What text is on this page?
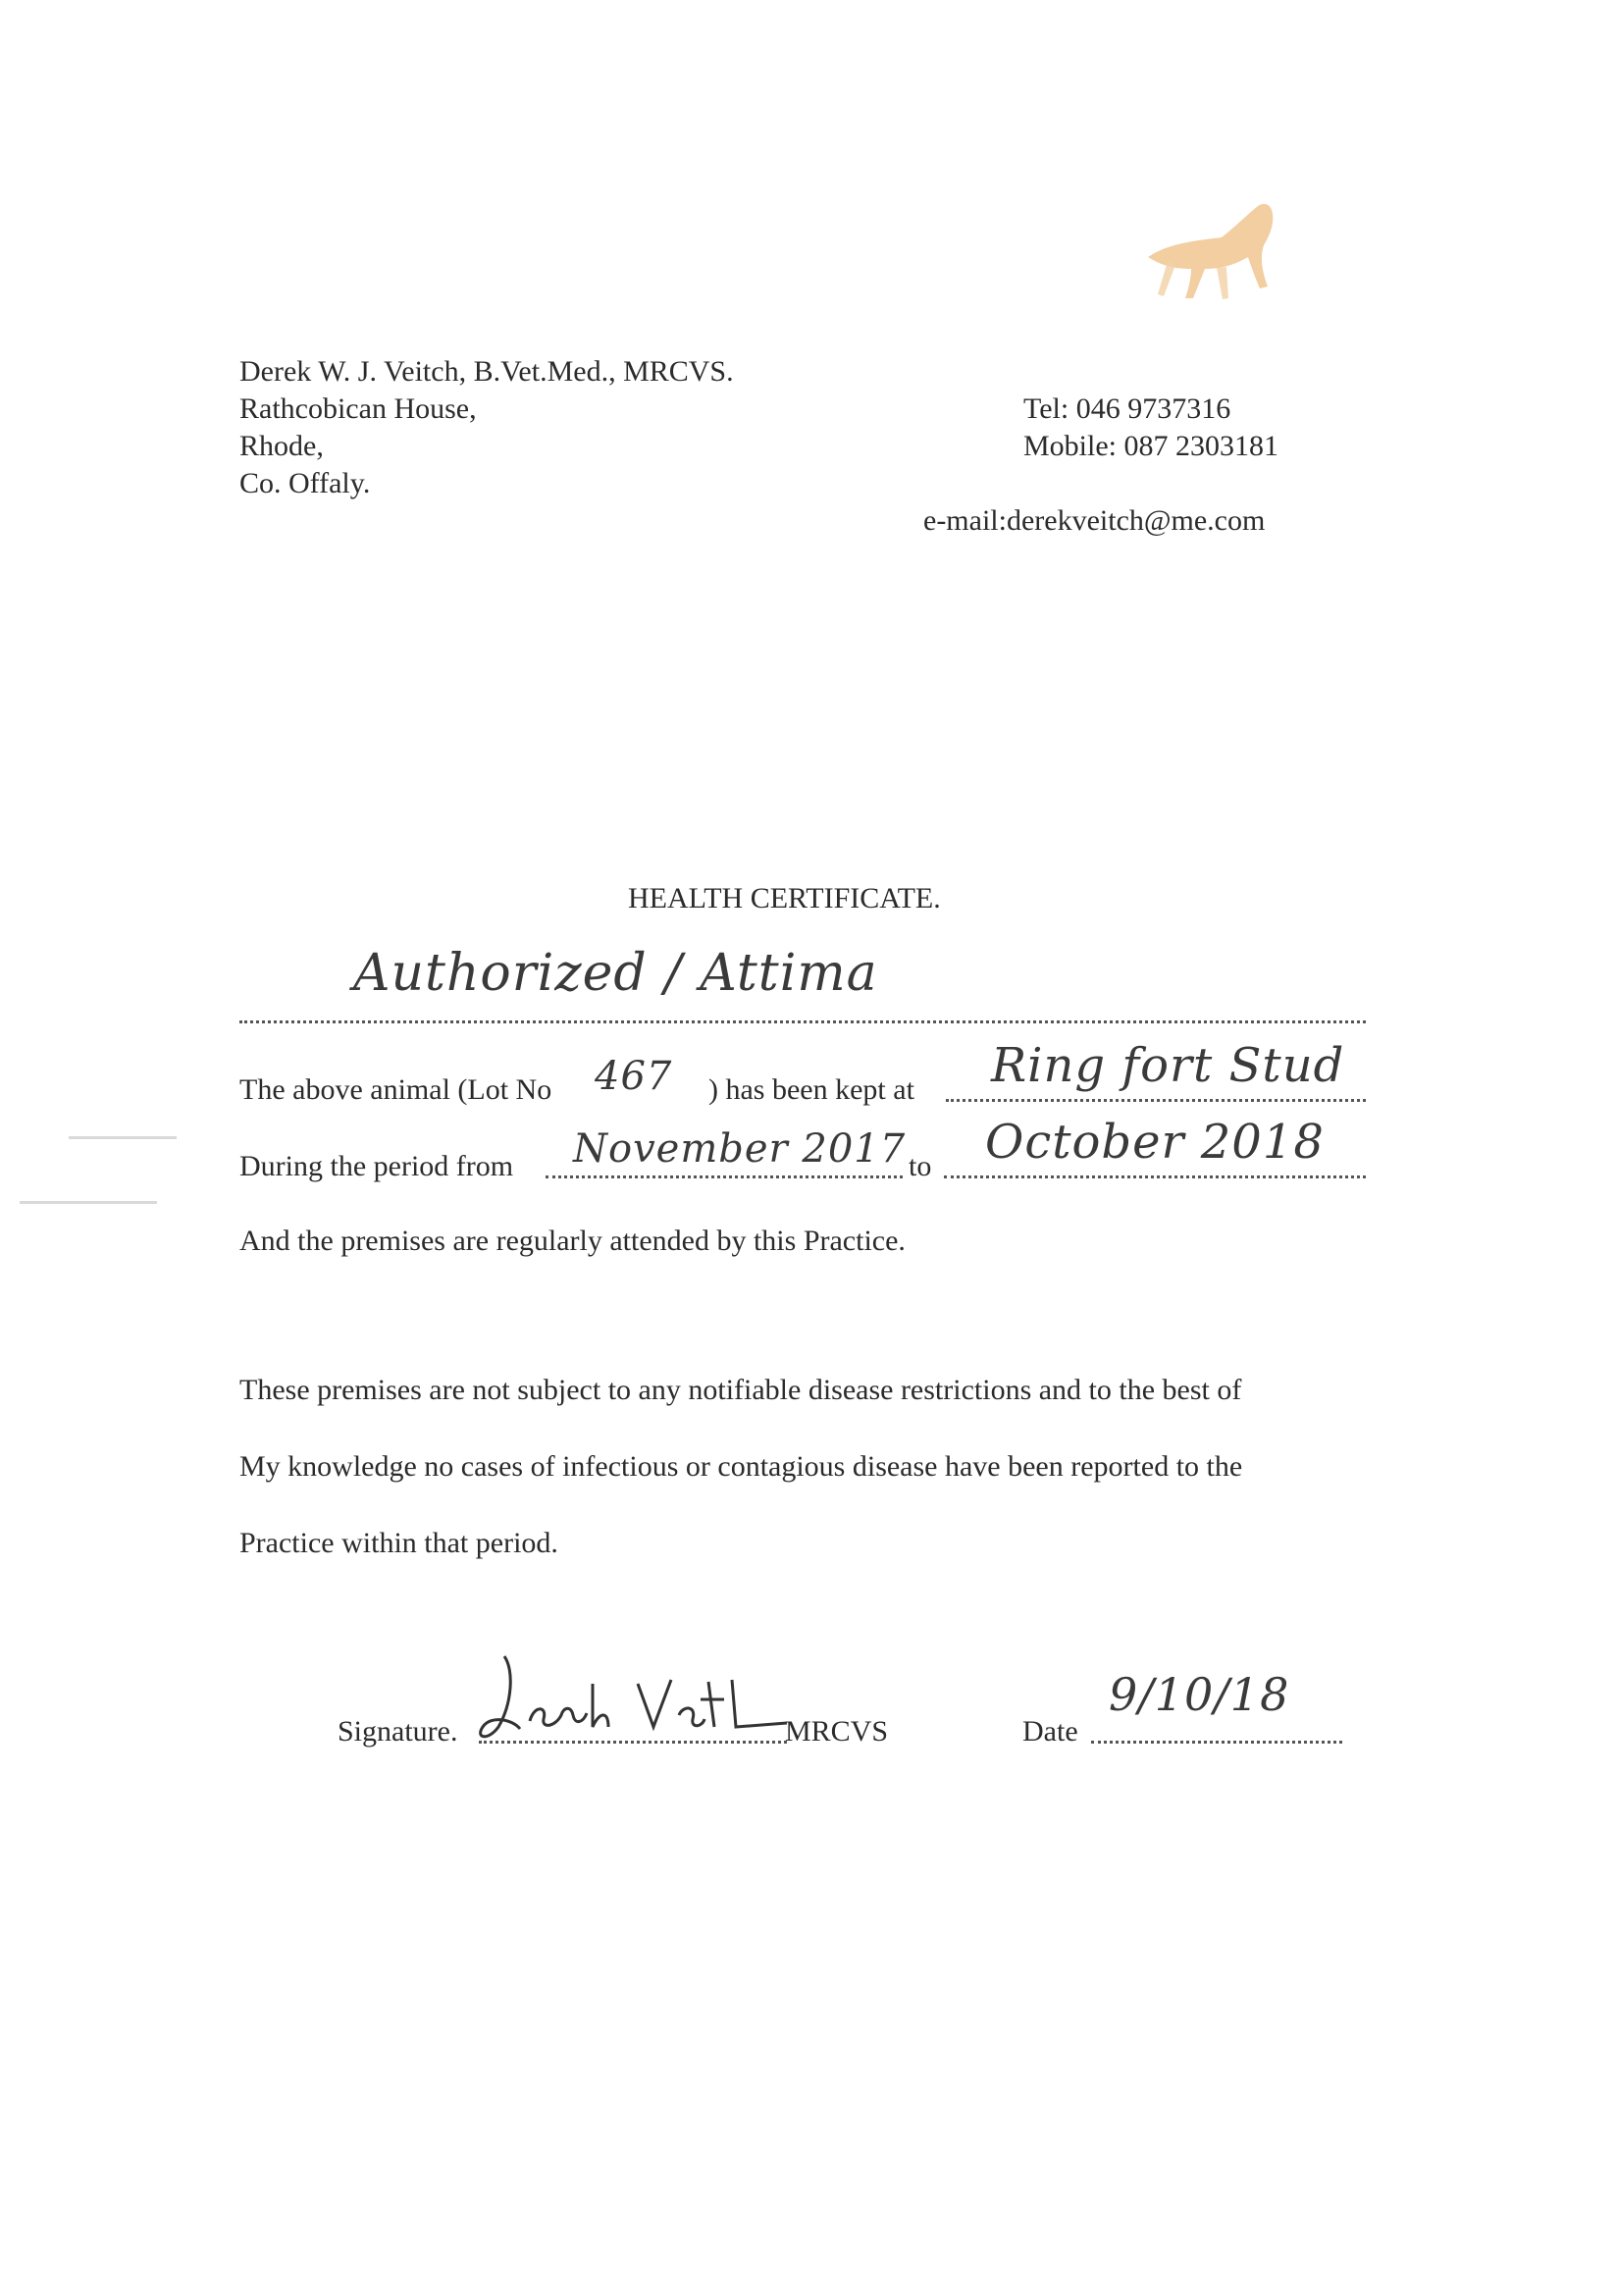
Derek W. J. Veitch, B.Vet.Med., MRCVS.
Rathcobican House,
Rhode,
Co. Offaly.
Tel: 046 9737316
Mobile: 087 2303181
e-mail:derekveitch@me.com
HEALTH CERTIFICATE.
Authorized / Attima
The above animal (Lot No 467 ) has been kept at Ring fort Stud
During the period from November 2017 to October 2018
And the premises are regularly attended by this Practice.
These premises are not subject to any notifiable disease restrictions and to the best of
My knowledge no cases of infectious or contagious disease have been reported to the
Practice within that period.
Signature.	MRCVS	Date
9/10/18
